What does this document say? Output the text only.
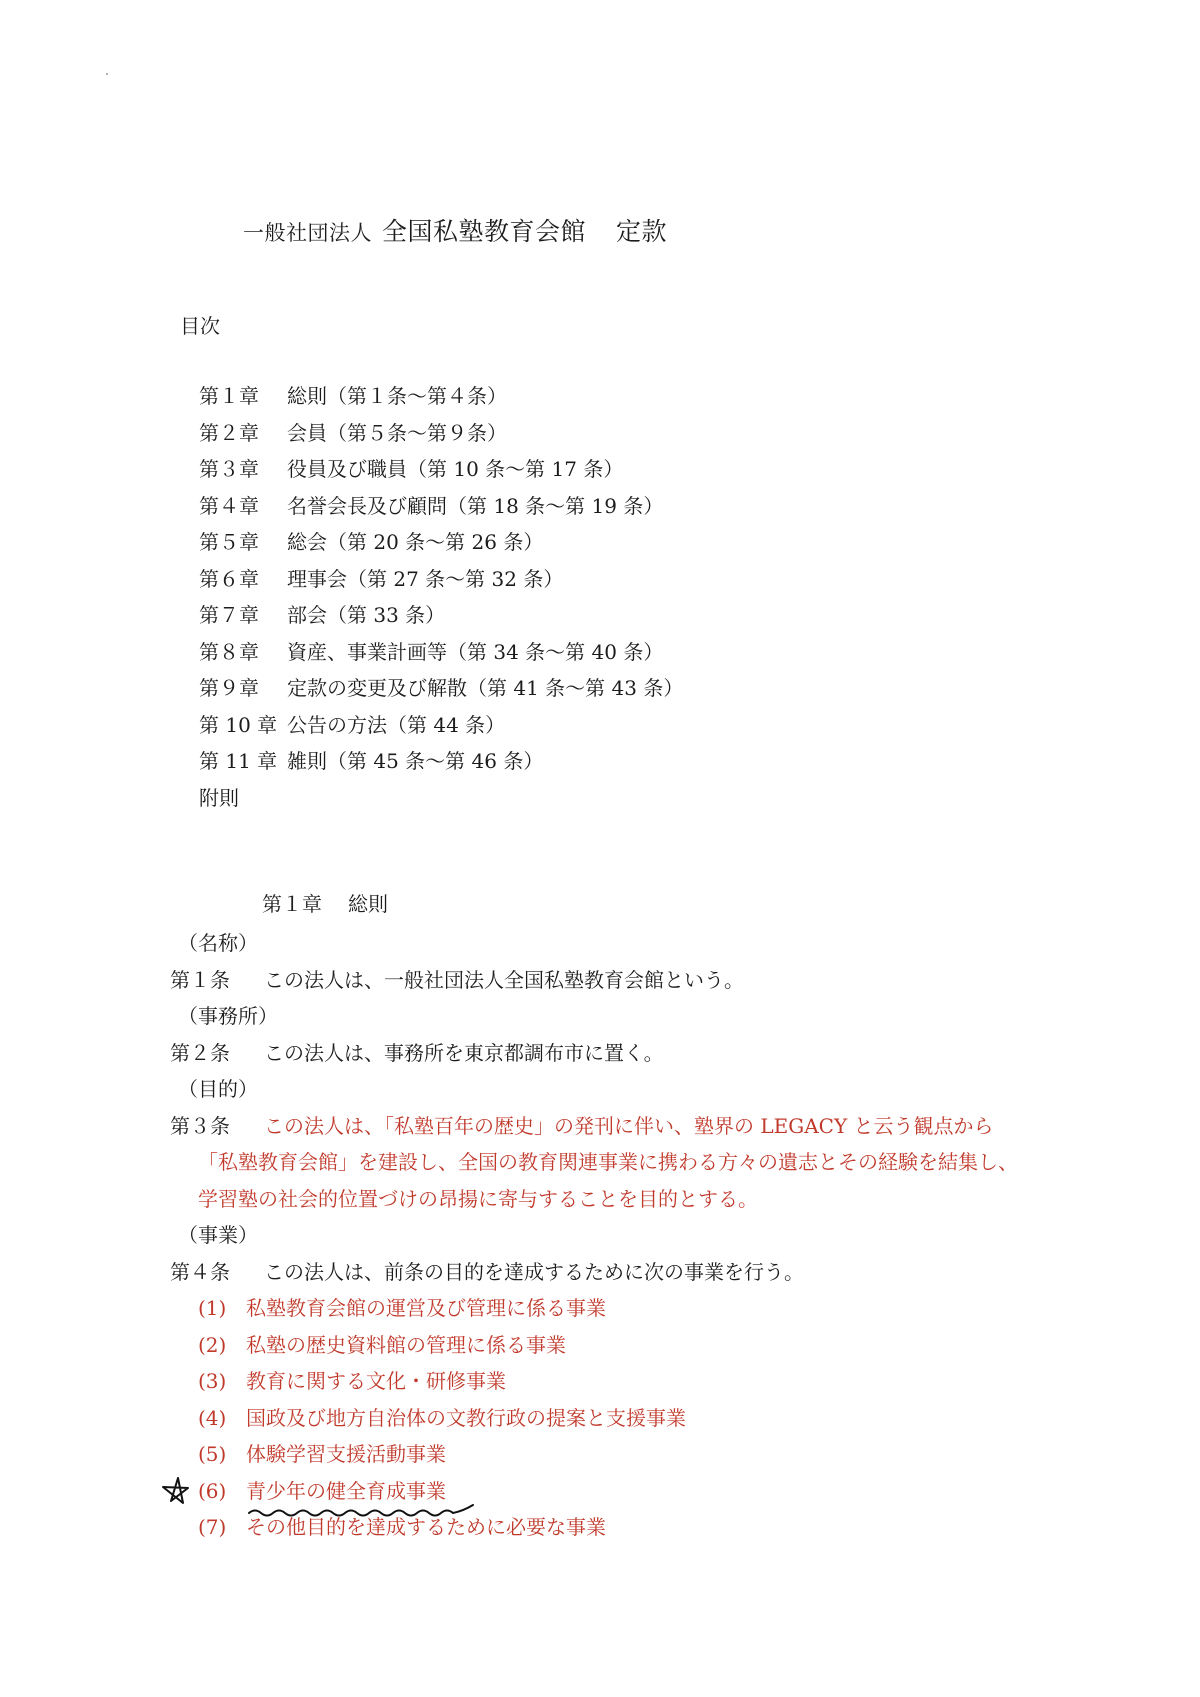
一般社団法人 全国私塾教育会館 定款
目次
第１章 総則（第１条〜第４条）
第２章 会員（第５条〜第９条）
第３章 役員及び職員（第 10 条〜第 17 条）
第４章 名誉会長及び顧問（第 18 条〜第 19 条）
第５章 総会（第 20 条〜第 26 条）
第６章 理事会（第 27 条〜第 32 条）
第７章 部会（第 33 条）
第８章 資産、事業計画等（第 34 条〜第 40 条）
第９章 定款の変更及び解散（第 41 条〜第 43 条）
第 10 章 公告の方法（第 44 条）
第 11 章 雑則（第 45 条〜第 46 条）
附則
第１章 総則
（名称）
第１条 この法人は、一般社団法人全国私塾教育会館という。
（事務所）
第２条 この法人は、事務所を東京都調布市に置く。
（目的）
第３条 この法人は、「私塾百年の歴史」の発刊に伴い、塾界の LEGACY と云う観点から
「私塾教育会館」を建設し、全国の教育関連事業に携わる方々の遺志とその経験を結集し、
学習塾の社会的位置づけの昂揚に寄与することを目的とする。
（事業）
第４条 この法人は、前条の目的を達成するために次の事業を行う。
(1) 私塾教育会館の運営及び管理に係る事業
(2) 私塾の歴史資料館の管理に係る事業
(3) 教育に関する文化・研修事業
(4) 国政及び地方自治体の文教行政の提案と支援事業
(5) 体験学習支援活動事業
(6) 青少年の健全育成事業
(7) その他目的を達成するために必要な事業
